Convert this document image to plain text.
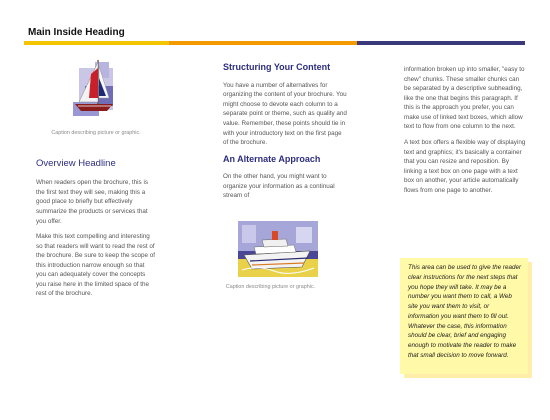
Main Inside Heading
Caption describing picture or graphic.
Overview Headline

When readers open the brochure, this is the first text they will see, making this a good place to briefly but effectively summarize the products or services that you offer.

Make this text compelling and interesting so that readers will want to read the rest of the brochure. Be sure to keep the scope of this introduction narrow enough so that you can adequately cover the concepts you raise here in the limited space of the rest of the brochure.

Structuring Your Content

You have a number of alternatives for organizing the content of your brochure. You might choose to devote each column to a separate point or theme, such as quality and value. Remember, these points should tie in with your introductory text on the first page of the brochure.

An Alternate Approach

On the other hand, you might want to organize your information as a continual stream of

Caption describing picture or graphic.

information broken up into smaller, "easy to chew" chunks. These smaller chunks can be separated by a descriptive subheading, like the one that begins this paragraph. If this is the approach you prefer, you can make use of linked text boxes, which allow text to flow from one column to the next.

A text box offers a flexible way of displaying text and graphics; it's basically a container that you can resize and reposition. By linking a text box on one page with a text box on another, your article automatically flows from one page to another.

This area can be used to give the reader clear instructions for the next steps that you hope they will take. It may be a number you want them to call, a Web site you want them to visit, or information you want them to fill out. Whatever the case, this information should be clear, brief and engaging enough to motivate the reader to make that small decision to move forward.
